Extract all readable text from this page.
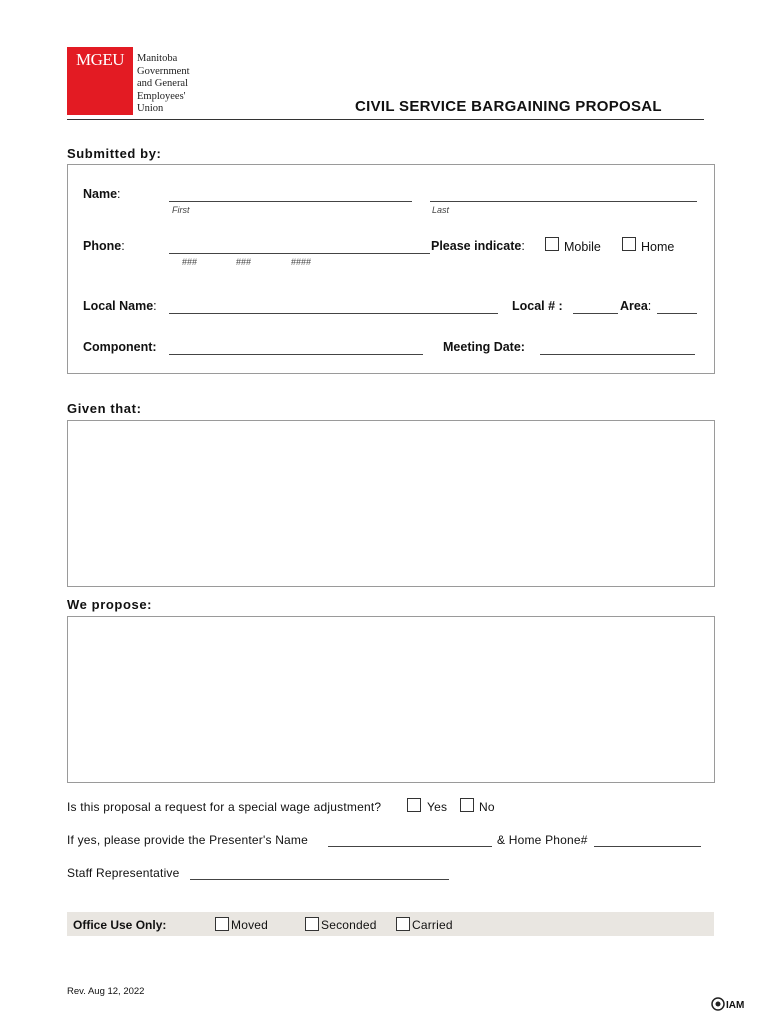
MGEU	Manitoba
Government
and General
Employees'
Union	CIVIL SERVICE BARGAINING PROPOSAL
Submitted by:
Name:
First	Last
Phone:
###	###	####
Please indicate:	Mobile	Home
Local Name:	Local # :	Area:
Component:	Meeting Date:
Given that:
We propose:
Is this proposal a request for a special wage adjustment?	Yes	No
If yes, please provide the Presenter's Name	& Home Phone#
Staff Representative
Office Use Only:	Moved	Seconded	Carried
Rev. Aug 12, 2022
IAM
